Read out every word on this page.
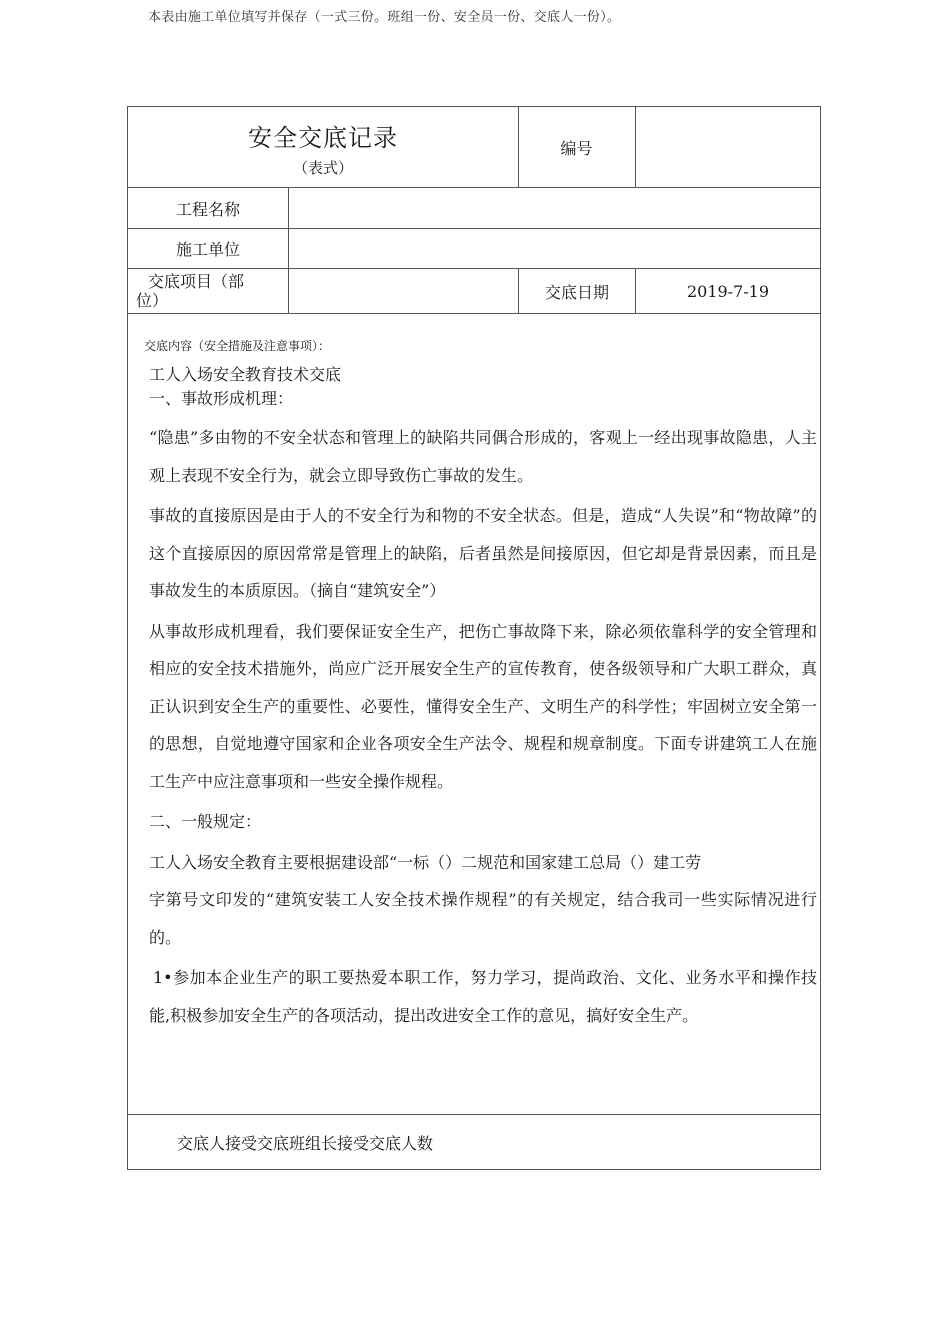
本表由施工单位填写并保存（一式三份。班组一份、安全员一份、交底人一份）。
安全交底记录
（表式）
编号
工程名称
施工单位
交底项目（部位）	交底日期	2019-7-19
交底内容（安全措施及注意事项）：

工人入场安全教育技术交底

一、事故形成机理：

“隐患”多由物的不安全状态和管理上的缺陷共同偶合形成的，客观上一经出现事故隐患，人主观上表现不安全行为，就会立即导致伤亡事故的发生。

事故的直接原因是由于人的不安全行为和物的不安全状态。但是，造成“人失误”和“物故障”的这个直接原因的原因常常是管理上的缺陷，后者虽然是间接原因，但它却是背景因素，而且是事故发生的本质原因。（摘自“建筑安全”）

从事故形成机理看，我们要保证安全生产，把伤亡事故降下来，除必须依靠科学的安全管理和相应的安全技术措施外，尚应广泛开展安全生产的宣传教育，使各级领导和广大职工群众，真正认识到安全生产的重要性、必要性，懂得安全生产、文明生产的科学性；牢固树立安全第一的思想，自觉地遵守国家和企业各项安全生产法令、规程和规章制度。下面专讲建筑工人在施工生产中应注意事项和一些安全操作规程。

二、一般规定：

工人入场安全教育主要根据建设部“一标（）二规范和国家建工总局（）建工劳

字第号文印发的“建筑安装工人安全技术操作规程”的有关规定，结合我司一些实际情况进行的。

1•参加本企业生产的职工要热爱本职工作，努力学习，提尚政治、文化、业务水平和操作技能,积极参加安全生产的各项活动，提出改进安全工作的意见，搞好安全生产。

交底人接受交底班组长接受交底人数
